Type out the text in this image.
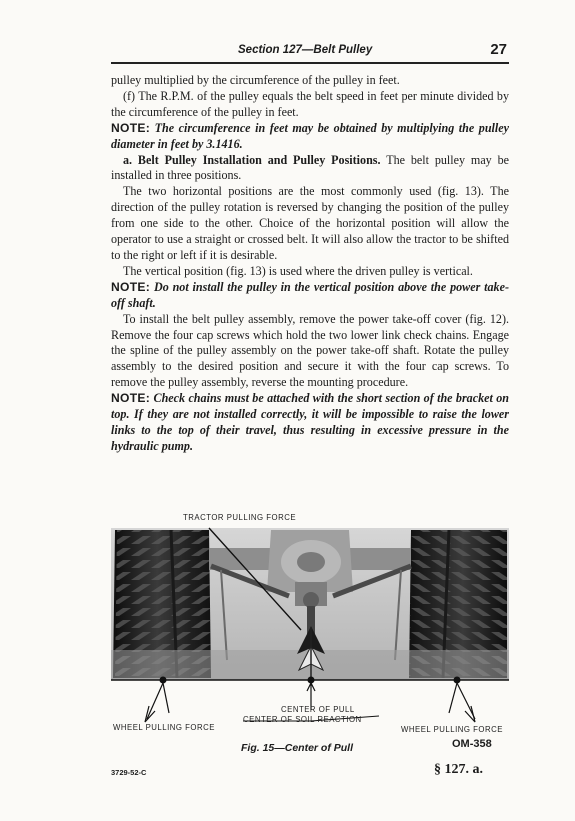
Section 127—Belt Pulley	27

pulley multiplied by the circumference of the pulley in feet.

(f) The R.P.M. of the pulley equals the belt speed in feet per minute divided by the circumference of the pulley in feet.

NOTE: The circumference in feet may be obtained by multiplying the pulley diameter in feet by 3.1416.

a. Belt Pulley Installation and Pulley Positions. The belt pulley may be installed in three positions.

The two horizontal positions are the most commonly used (fig. 13). The direction of the pulley rotation is reversed by changing the position of the pulley from one side to the other. Choice of the horizontal position will allow the operator to use a straight or crossed belt. It will also allow the tractor to be shifted to the right or left if it is desirable.

The vertical position (fig. 13) is used where the driven pulley is vertical.

NOTE: Do not install the pulley in the vertical position above the power take-off shaft.

To install the belt pulley assembly, remove the power take-off cover (fig. 12). Remove the four cap screws which hold the two lower link check chains. Engage the spline of the pulley assembly on the power take-off shaft. Rotate the pulley assembly to the desired position and secure it with the four cap screws. To remove the pulley assembly, reverse the mounting procedure.

NOTE: Check chains must be attached with the short section of the bracket on top. If they are not installed correctly, it will be impossible to raise the lower links to the top of their travel, thus resulting in excessive pressure in the hydraulic pump.

TRACTOR PULLING FORCE
CENTER OF PULL
CENTER OF SOIL REACTION
WHEEL PULLING FORCE	WHEEL PULLING FORCE
Fig. 15—Center of Pull	OM-358
3729-52-C	§ 127. a.
